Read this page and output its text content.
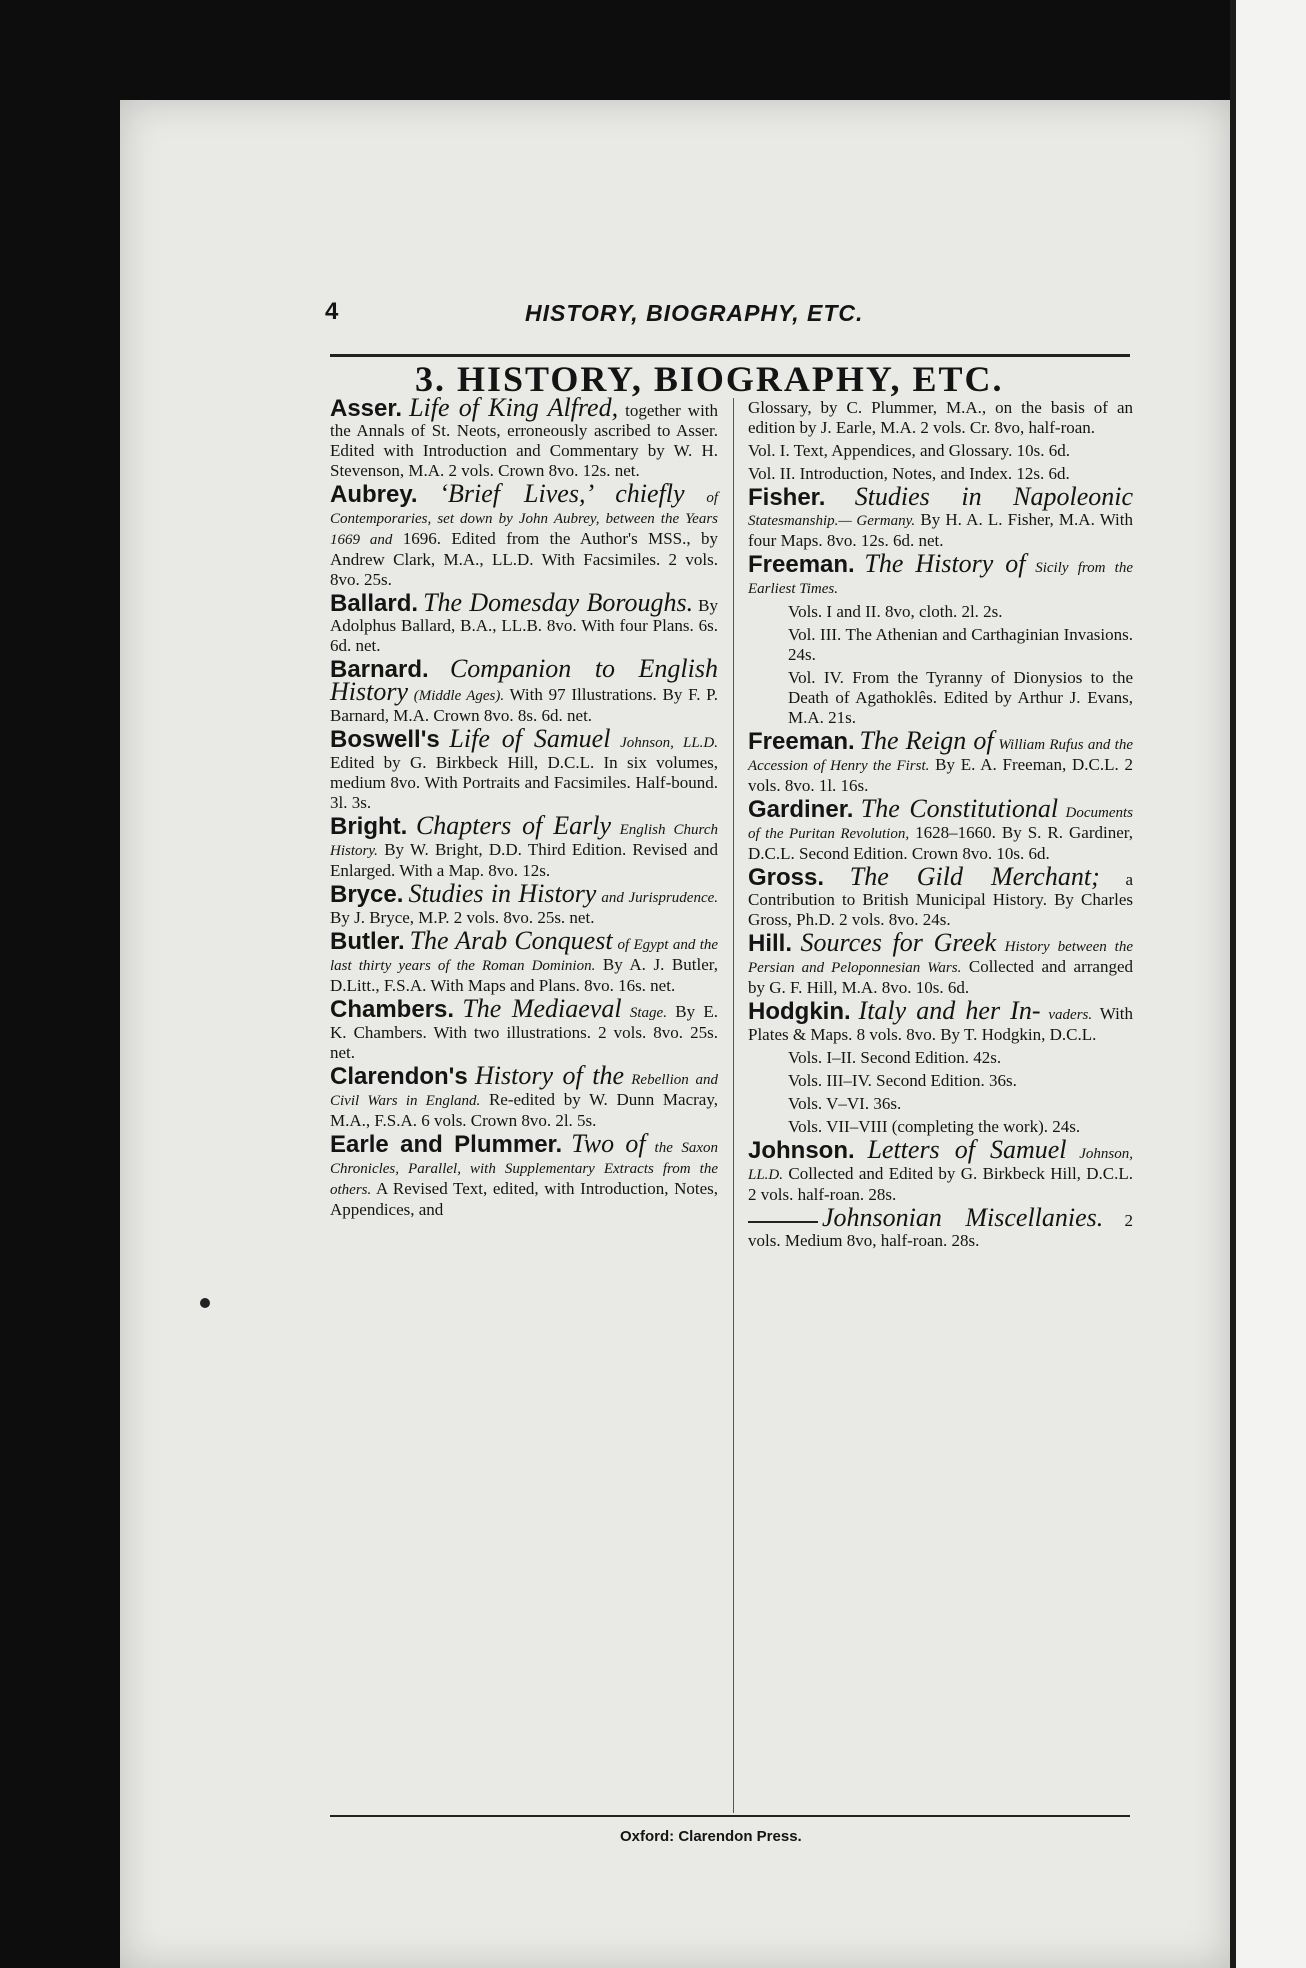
4	HISTORY, BIOGRAPHY, ETC.
3. HISTORY, BIOGRAPHY, ETC.

Asser. Life of King Alfred, together with the Annals of St. Neots, erroneously ascribed to Asser. Edited with Introduction and Commentary by W. H. Stevenson, M.A. 2 vols. Crown 8vo. 12s. net.

Aubrey. ‘Brief Lives,’ chiefly of Contemporaries, set down by John Aubrey, between the Years 1669 and 1696. Edited from the Author's MSS., by Andrew Clark, M.A., LL.D. With Facsimiles. 2 vols. 8vo. 25s.

Ballard. The Domesday Boroughs. By Adolphus Ballard, B.A., LL.B. 8vo. With four Plans. 6s. 6d. net.

Barnard. Companion to English History (Middle Ages). With 97 Illustrations. By F. P. Barnard, M.A. Crown 8vo. 8s. 6d. net.

Boswell's Life of Samuel Johnson, LL.D. Edited by G. Birkbeck Hill, D.C.L. In six volumes, medium 8vo. With Portraits and Facsimiles. Half-bound. 3l. 3s.

Bright. Chapters of Early English Church History. By W. Bright, D.D. Third Edition. Revised and Enlarged. With a Map. 8vo. 12s.

Bryce. Studies in History and Jurisprudence. By J. Bryce, M.P. 2 vols. 8vo. 25s. net.

Butler. The Arab Conquest of Egypt and the last thirty years of the Roman Dominion. By A. J. Butler, D.Litt., F.S.A. With Maps and Plans. 8vo. 16s. net.

Chambers. The Mediaeval Stage. By E. K. Chambers. With two illustrations. 2 vols. 8vo. 25s. net.

Clarendon's History of the Rebellion and Civil Wars in England. Re-edited by W. Dunn Macray, M.A., F.S.A. 6 vols. Crown 8vo. 2l. 5s.

Earle and Plummer. Two of the Saxon Chronicles, Parallel, with Supplementary Extracts from the others. A Revised Text, edited, with Introduction, Notes, Appendices, and

Glossary, by C. Plummer, M.A., on the basis of an edition by J. Earle, M.A. 2 vols. Cr. 8vo, half-roan.

Vol. I. Text, Appendices, and Glossary. 10s. 6d.

Vol. II. Introduction, Notes, and Index. 12s. 6d.

Fisher. Studies in Napoleonic Statesmanship.— Germany. By H. A. L. Fisher, M.A. With four Maps. 8vo. 12s. 6d. net.

Freeman. The History of Sicily from the Earliest Times.

Vols. I and II. 8vo, cloth. 2l. 2s.

Vol. III. The Athenian and Carthaginian Invasions. 24s.

Vol. IV. From the Tyranny of Dionysios to the Death of Agathoklês. Edited by Arthur J. Evans, M.A. 21s.

Freeman. The Reign of William Rufus and the Accession of Henry the First. By E. A. Freeman, D.C.L. 2 vols. 8vo. 1l. 16s.

Gardiner. The Constitutional Documents of the Puritan Revolution, 1628–1660. By S. R. Gardiner, D.C.L. Second Edition. Crown 8vo. 10s. 6d.

Gross. The Gild Merchant; a Contribution to British Municipal History. By Charles Gross, Ph.D. 2 vols. 8vo. 24s.

Hill. Sources for Greek History between the Persian and Peloponnesian Wars. Collected and arranged by G. F. Hill, M.A. 8vo. 10s. 6d.

Hodgkin. Italy and her In- vaders. With Plates & Maps. 8 vols. 8vo. By T. Hodgkin, D.C.L.

Vols. I–II. Second Edition. 42s.

Vols. III–IV. Second Edition. 36s.

Vols. V–VI. 36s.

Vols. VII–VIII (completing the work). 24s.

Johnson. Letters of Samuel Johnson, LL.D. Collected and Edited by G. Birkbeck Hill, D.C.L. 2 vols. half-roan. 28s.

Johnsonian Miscellanies. 2 vols. Medium 8vo, half-roan. 28s.

Oxford: Clarendon Press.
